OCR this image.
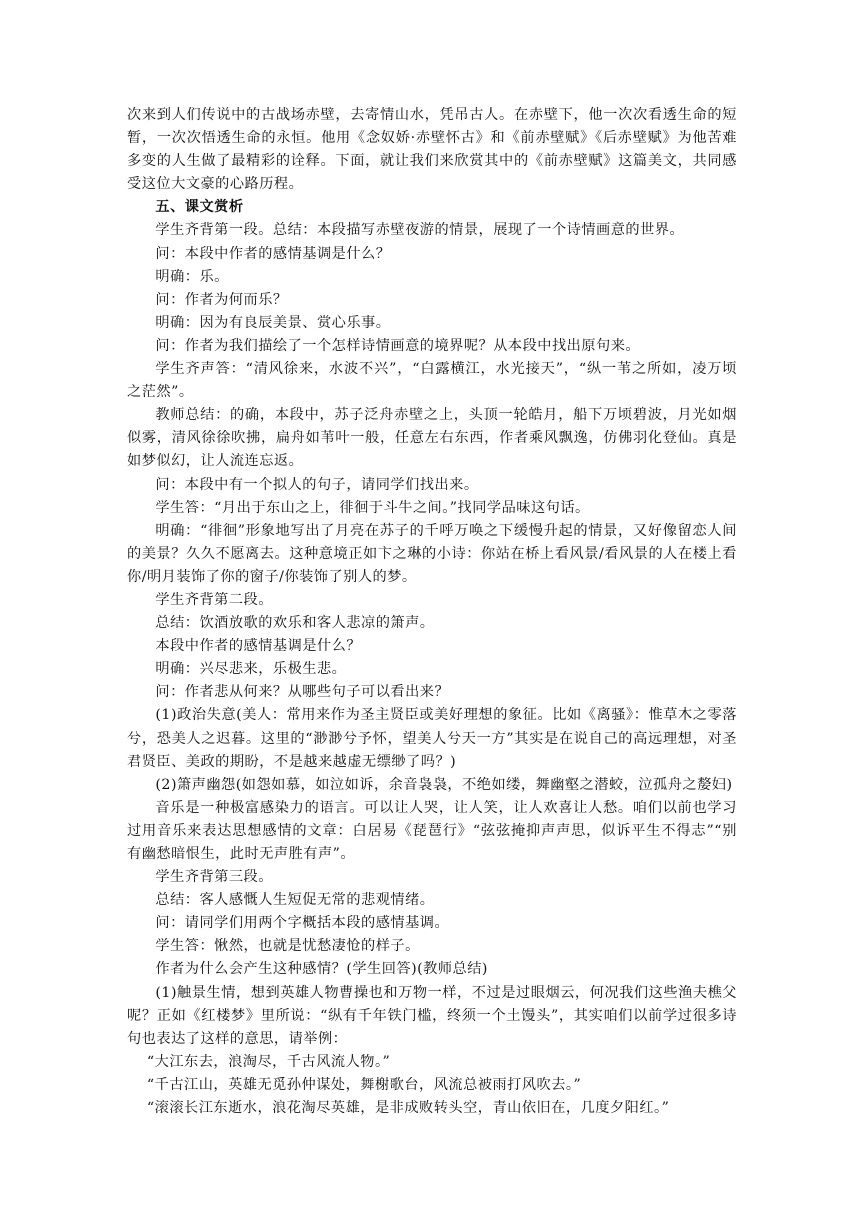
次来到人们传说中的古战场赤壁，去寄情山水，凭吊古人。在赤壁下，他一次次看透生命的短暂，一次次悟透生命的永恒。他用《念奴娇·赤壁怀古》和《前赤壁赋》《后赤壁赋》为他苦难多变的人生做了最精彩的诠释。下面，就让我们来欣赏其中的《前赤壁赋》这篇美文，共同感受这位大文豪的心路历程。

五、课文赏析

学生齐背第一段。总结：本段描写赤壁夜游的情景，展现了一个诗情画意的世界。

问：本段中作者的感情基调是什么？

明确：乐。

问：作者为何而乐？

明确：因为有良辰美景、赏心乐事。

问：作者为我们描绘了一个怎样诗情画意的境界呢？从本段中找出原句来。

学生齐声答：“清风徐来，水波不兴”，“白露横江，水光接天”，“纵一苇之所如，凌万顷之茫然”。

教师总结：的确，本段中，苏子泛舟赤壁之上，头顶一轮皓月，船下万顷碧波，月光如烟似雾，清风徐徐吹拂，扁舟如苇叶一般，任意左右东西，作者乘风飘逸，仿佛羽化登仙。真是如梦似幻，让人流连忘返。

问：本段中有一个拟人的句子，请同学们找出来。

学生答：“月出于东山之上，徘徊于斗牛之间。”找同学品味这句话。

明确：“徘徊”形象地写出了月亮在苏子的千呼万唤之下缓慢升起的情景，又好像留恋人间的美景？久久不愿离去。这种意境正如卞之琳的小诗：你站在桥上看风景/看风景的人在楼上看你/明月装饰了你的窗子/你装饰了别人的梦。

学生齐背第二段。

总结：饮酒放歌的欢乐和客人悲凉的箫声。

本段中作者的感情基调是什么？

明确：兴尽悲来，乐极生悲。

问：作者悲从何来？从哪些句子可以看出来？

(1)政治失意(美人：常用来作为圣主贤臣或美好理想的象征。比如《离骚》：惟草木之零落兮，恐美人之迟暮。这里的“渺渺兮予怀，望美人兮天一方”其实是在说自己的高远理想，对圣君贤臣、美政的期盼，不是越来越虚无缥缈了吗？)

(2)箫声幽怨(如怨如慕，如泣如诉，余音袅袅，不绝如缕，舞幽壑之潜蛟，泣孤舟之嫠妇)

音乐是一种极富感染力的语言。可以让人哭，让人笑，让人欢喜让人愁。咱们以前也学习过用音乐来表达思想感情的文章：白居易《琵琶行》“弦弦掩抑声声思，似诉平生不得志”“别有幽愁暗恨生，此时无声胜有声”。

学生齐背第三段。

总结：客人感慨人生短促无常的悲观情绪。

问：请同学们用两个字概括本段的感情基调。

学生答：愀然，也就是忧愁凄怆的样子。

作者为什么会产生这种感情？(学生回答)(教师总结)

(1)触景生情，想到英雄人物曹操也和万物一样，不过是过眼烟云，何况我们这些渔夫樵父呢？正如《红楼梦》里所说：“纵有千年铁门槛，终须一个土馒头”，其实咱们以前学过很多诗句也表达了这样的意思，请举例：

“大江东去，浪淘尽，千古风流人物。”

“千古江山，英雄无觅孙仲谋处，舞榭歌台，风流总被雨打风吹去。”

“滚滚长江东逝水，浪花淘尽英雄，是非成败转头空，青山依旧在，几度夕阳红。”
